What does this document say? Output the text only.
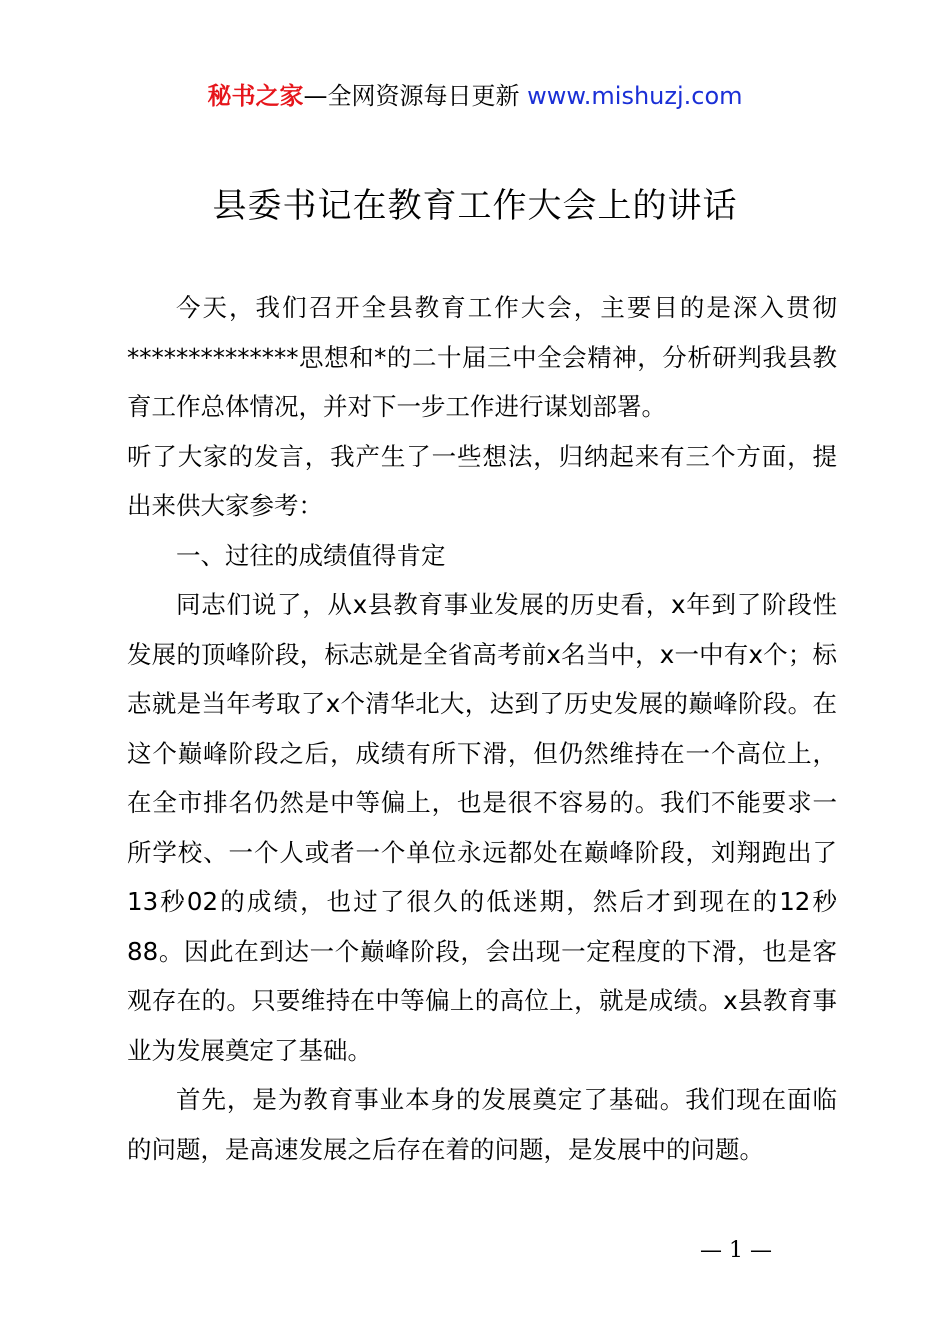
秘书之家—全网资源每日更新 www.mishuzj.com
县委书记在教育工作大会上的讲话

今天，我们召开全县教育工作大会，主要目的是深入贯彻**************思想和*的二十届三中全会精神，分析研判我县教育工作总体情况，并对下一步工作进行谋划部署。

听了大家的发言，我产生了一些想法，归纳起来有三个方面，提出来供大家参考：

一、过往的成绩值得肯定

同志们说了，从x县教育事业发展的历史看，x年到了阶段性发展的顶峰阶段，标志就是全省高考前x名当中，x一中有x个；标志就是当年考取了x个清华北大，达到了历史发展的巅峰阶段。在这个巅峰阶段之后，成绩有所下滑，但仍然维持在一个高位上，在全市排名仍然是中等偏上，也是很不容易的。我们不能要求一所学校、一个人或者一个单位永远都处在巅峰阶段，刘翔跑出了13秒02的成绩，也过了很久的低迷期，然后才到现在的12秒88。因此在到达一个巅峰阶段，会出现一定程度的下滑，也是客观存在的。只要维持在中等偏上的高位上，就是成绩。x县教育事业为发展奠定了基础。

首先，是为教育事业本身的发展奠定了基础。我们现在面临的问题，是高速发展之后存在着的问题，是发展中的问题。

— 1 —
